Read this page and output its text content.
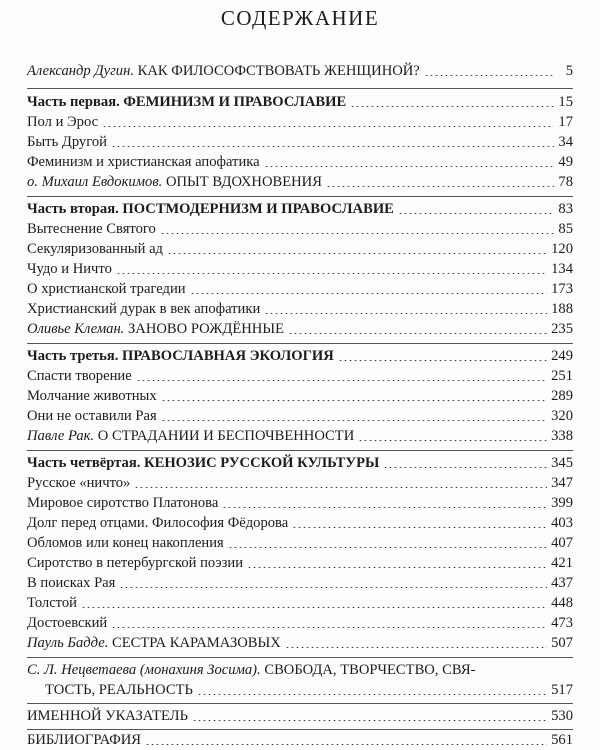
СОДЕРЖАНИЕ
Александр Дугин. КАК ФИЛОСОФСТВОВАТЬ ЖЕНЩИНОЙ?	5
Часть первая. ФЕМИНИЗМ И ПРАВОСЛАВИЕ	15
Пол и Эрос	17
Быть Другой	34
Феминизм и христианская апофатика	49
о. Михаил Евдокимов. ОПЫТ ВДОХНОВЕНИЯ	78
Часть вторая. ПОСТМОДЕРНИЗМ И ПРАВОСЛАВИЕ	83
Вытеснение Святого	85
Секуляризованный ад	120
Чудо и Ничто	134
О христианской трагедии	173
Христианский дурак в век апофатики	188
Оливье Клеман. ЗАНОВО РОЖДЁННЫЕ	235
Часть третья. ПРАВОСЛАВНАЯ ЭКОЛОГИЯ	249
Спасти творение	251
Молчание животных	289
Они не оставили Рая	320
Павле Рак. О СТРАДАНИИ И БЕСПОЧВЕННОСТИ	338
Часть четвёртая. КЕНОЗИС РУССКОЙ КУЛЬТУРЫ	345
Русское «ничто»	347
Мировое сиротство Платонова	399
Долг перед отцами. Философия Фёдорова	403
Обломов или конец накопления	407
Сиротство в петербургской поэзии	421
В поисках Рая	437
Толстой	448
Достоевский	473
Пауль Бадде. СЕСТРА КАРАМАЗОВЫХ	507
С. Л. Нецветаева (монахиня Зосима). СВОБОДА, ТВОРЧЕСТВО, СВЯ-
ТОСТЬ, РЕАЛЬНОСТЬ	517
ИМЕННОЙ УКАЗАТЕЛЬ	530
БИБЛИОГРАФИЯ	561
